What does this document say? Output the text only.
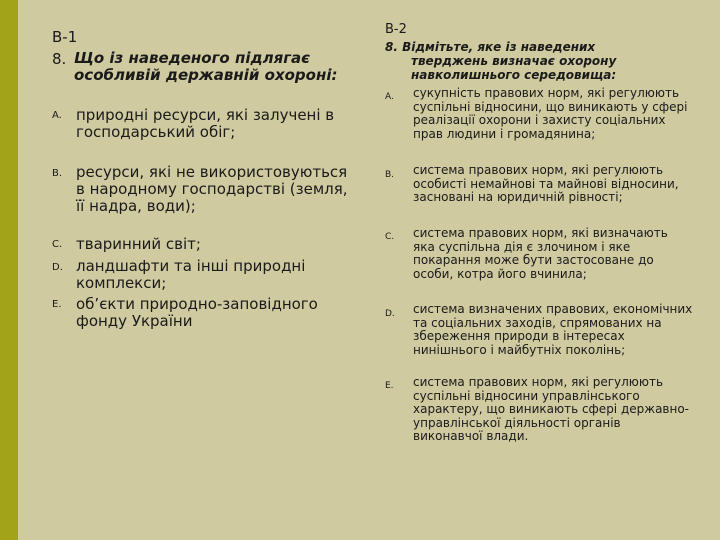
В-1
8. Що із наведеного підлягає особливій державній охороні:
A. природні ресурси, які залучені в господарський обіг;
B. ресурси, які не використовуються в народному господарстві (земля, її надра, води);
C. тваринний світ;
D. ландшафти та інші природні комплекси;
E. об’єкти природно-заповідного фонду України
В-2
8. Відмітьте, яке із наведених
тверджень визначає охорону навколишнього середовища:
A. сукупність правових норм, які регулюють суспільні відносини, що виникають у сфері реалізації охорони і захисту соціальних прав людини і громадянина;
B. система правових норм, які регулюють особисті немайнові та майнові відносини, засновані на юридичній рівності;
C. система правових норм, які визначають яка суспільна дія є злочином і яке покарання може бути застосоване до особи, котра його вчинила;
D. система визначених правових, економічних та соціальних заходів, спрямованих на збереження природи в інтересах нинішнього і майбутніх поколінь;
E. система правових норм, які регулюють суспільні відносини управлінського характеру, що виникають сфері державно-управлінської діяльності органів виконавчої влади.
